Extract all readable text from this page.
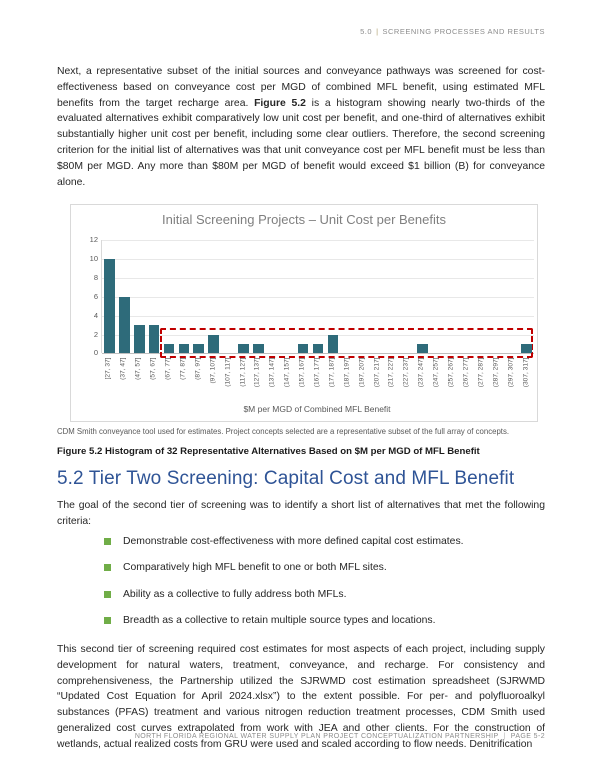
5.0 | SCREENING PROCESSES AND RESULTS

Next, a representative subset of the initial sources and conveyance pathways was screened for cost-effectiveness based on conveyance cost per MGD of combined MFL benefit, using estimated MFL benefits from the target recharge area. Figure 5.2 is a histogram showing nearly two-thirds of the evaluated alternatives exhibit comparatively low unit cost per benefit, and one-third of alternatives exhibit substantially higher unit cost per benefit, including some clear outliers. Therefore, the second screening criterion for the initial list of alternatives was that unit conveyance cost per MFL benefit must be less than $80M per MGD. Any more than $80M per MGD of benefit would exceed $1 billion (B) for conveyance alone.

Initial Screening Projects – Unit Cost per Benefits
0
2
4
6
8
10
12
[27, 37] (37, 47] (47, 57] (57, 67] (67, 77] (77, 87] (87, 97] (97, 107] (107, 117] (117, 127] (127, 137] (137, 147] (147, 157] (157, 167] (167, 177] (177, 187] (187, 197] (197, 207] (207, 217] (217, 227] (227, 237] (237, 247] (247, 257] (257, 267] (267, 277] (277, 287] (287, 297] (297, 307] (307, 317]
$M per MGD of Combined MFL Benefit

CDM Smith conveyance tool used for estimates. Project concepts selected are a representative subset of the full array of concepts.

Figure 5.2 Histogram of 32 Representative Alternatives Based on $M per MGD of MFL Benefit

5.2 Tier Two Screening: Capital Cost and MFL Benefit

The goal of the second tier of screening was to identify a short list of alternatives that met the following criteria:

Demonstrable cost-effectiveness with more defined capital cost estimates.
Comparatively high MFL benefit to one or both MFL sites.
Ability as a collective to fully address both MFLs.
Breadth as a collective to retain multiple source types and locations.

This second tier of screening required cost estimates for most aspects of each project, including supply development for natural waters, treatment, conveyance, and recharge. For consistency and comprehensiveness, the Partnership utilized the SJRWMD cost estimation spreadsheet (SJRWMD “Updated Cost Equation for April 2024.xlsx”) to the extent possible. For per- and polyfluoroalkyl substances (PFAS) treatment and various nitrogen reduction treatment processes, CDM Smith used generalized cost curves extrapolated from work with JEA and other clients. For the construction of wetlands, actual realized costs from GRU were used and scaled according to flow needs. Denitrification

NORTH FLORIDA REGIONAL WATER SUPPLY PLAN PROJECT CONCEPTUALIZATION PARTNERSHIP | PAGE 5-2
